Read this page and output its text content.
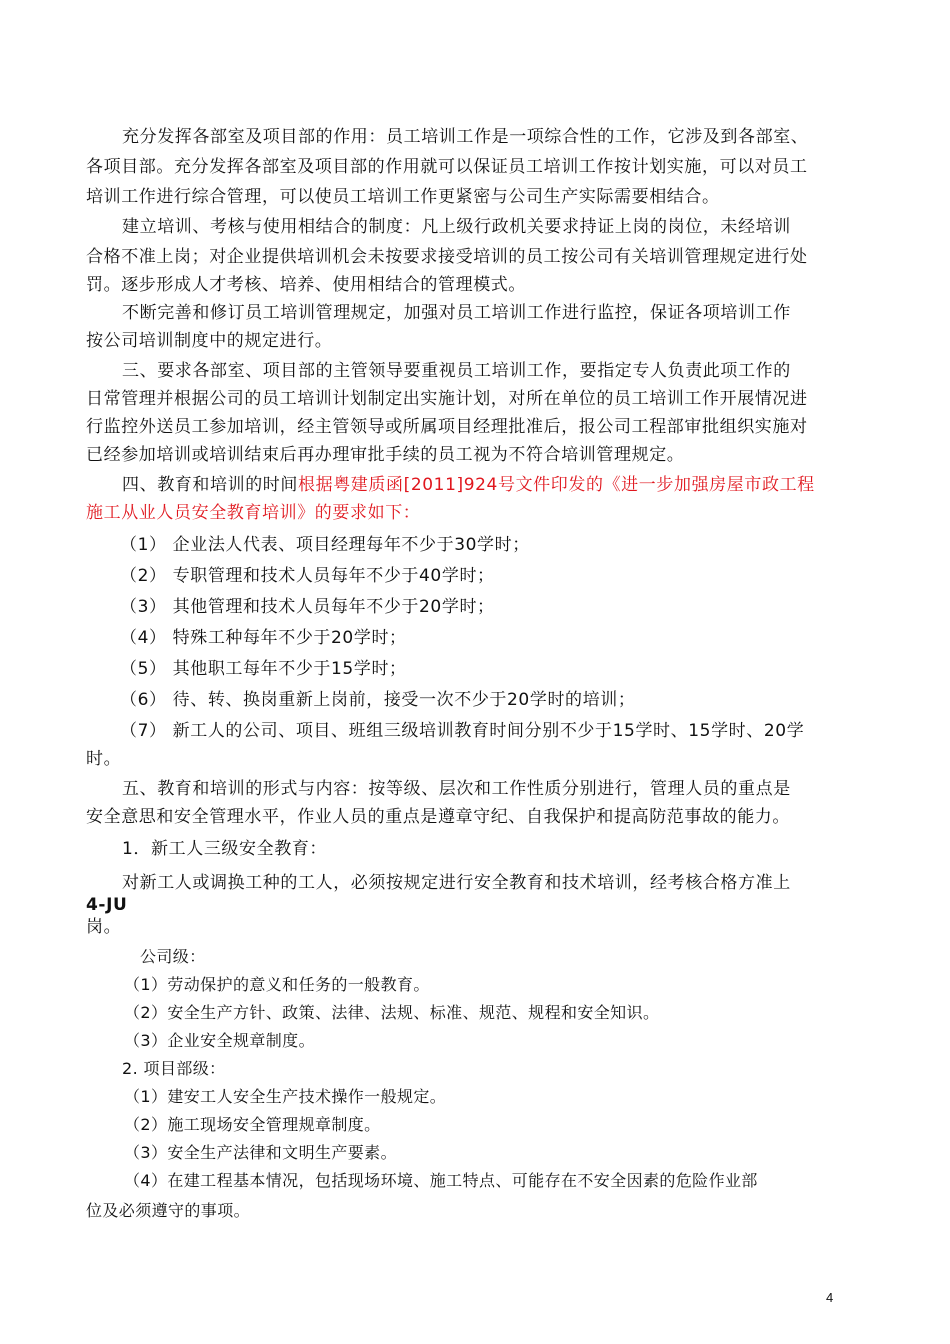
充分发挥各部室及项目部的作用：员工培训工作是一项综合性的工作，它涉及到各部室、
各项目部。充分发挥各部室及项目部的作用就可以保证员工培训工作按计划实施，可以对员工
培训工作进行综合管理，可以使员工培训工作更紧密与公司生产实际需要相结合。
建立培训、考核与使用相结合的制度：凡上级行政机关要求持证上岗的岗位，未经培训
合格不准上岗；对企业提供培训机会未按要求接受培训的员工按公司有关培训管理规定进行处
罚。逐步形成人才考核、培养、使用相结合的管理模式。
不断完善和修订员工培训管理规定，加强对员工培训工作进行监控，保证各项培训工作
按公司培训制度中的规定进行。
三、要求各部室、项目部的主管领导要重视员工培训工作，要指定专人负责此项工作的
日常管理并根据公司的员工培训计划制定出实施计划，对所在单位的员工培训工作开展情况进
行监控外送员工参加培训，经主管领导或所属项目经理批准后，报公司工程部审批组织实施对
已经参加培训或培训结束后再办理审批手续的员工视为不符合培训管理规定。
四、教育和培训的时间根据粤建质函[2011]924号文件印发的《进一步加强房屋市政工程
施工从业人员安全教育培训》的要求如下：
（1） 企业法人代表、项目经理每年不少于30学时；
（2） 专职管理和技术人员每年不少于40学时；
（3） 其他管理和技术人员每年不少于20学时；
（4） 特殊工种每年不少于20学时；
（5） 其他职工每年不少于15学时；
（6） 待、转、换岗重新上岗前，接受一次不少于20学时的培训；
（7） 新工人的公司、项目、班组三级培训教育时间分别不少于15学时、15学时、20学
时。
五、教育和培训的形式与内容：按等级、层次和工作性质分别进行，管理人员的重点是
安全意思和安全管理水平，作业人员的重点是遵章守纪、自我保护和提高防范事故的能力。
1．新工人三级安全教育：
对新工人或调换工种的工人，必须按规定进行安全教育和技术培训，经考核合格方准上
4-JU
岗。
公司级：
（1）劳动保护的意义和任务的一般教育。
（2）安全生产方针、政策、法律、法规、标准、规范、规程和安全知识。
（3）企业安全规章制度。
2. 项目部级：
（1）建安工人安全生产技术操作一般规定。
（2）施工现场安全管理规章制度。
（3）安全生产法律和文明生产要素。
（4）在建工程基本情况，包括现场环境、施工特点、可能存在不安全因素的危险作业部
位及必须遵守的事项。
4
